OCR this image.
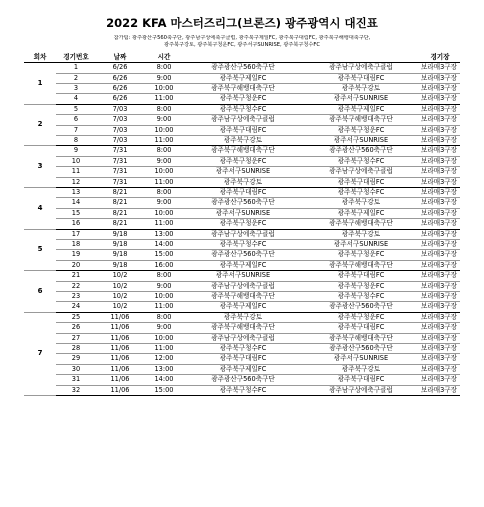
2022 KFA 마스터즈리그(브론즈) 광주광역시 대진표
참가팀: 광주광산구560축구단, 광주남구상에축구클럽, 광주북구제일FC, 광주북구대림FC, 광주북구해뱅대축구단,
광주북구강토, 광주북구청운FC, 광주서구SUNRISE, 광주북구청수FC
회차	경기번호	날짜	시간			경기장
1	1	6/26	8:00	광주광산구560축구단	광주남구상에축구클럽	보라매3구장
	2	6/26	9:00	광주북구제일FC	광주북구대림FC	보라매3구장
	3	6/26	10:00	광주북구해뱅대축구단	광주북구강토	보라매3구장
	4	6/26	11:00	광주북구청운FC	광주서구SUNRISE	보라매3구장
2	5	7/03	8:00	광주북구청수FC	광주북구제일FC	보라매3구장
	6	7/03	9:00	광주남구상에축구클럽	광주북구해뱅대축구단	보라매3구장
	7	7/03	10:00	광주북구대림FC	광주북구청운FC	보라매3구장
	8	7/03	11:00	광주북구강토	광주서구SUNRISE	보라매3구장
3	9	7/31	8:00	광주북구해뱅대축구단	광주광산구560축구단	보라매3구장
	10	7/31	9:00	광주북구청운FC	광주북구청수FC	보라매3구장
	11	7/31	10:00	광주서구SUNRISE	광주남구상에축구클럽	보라매3구장
	12	7/31	11:00	광주북구강토	광주북구대림FC	보라매3구장
4	13	8/21	8:00	광주북구대림FC	광주북구청수FC	보라매3구장
	14	8/21	9:00	광주광산구560축구단	광주북구강토	보라매3구장
	15	8/21	10:00	광주서구SUNRISE	광주북구제일FC	보라매3구장
	16	8/21	11:00	광주북구청운FC	광주북구해뱅대축구단	보라매3구장
5	17	9/18	13:00	광주남구상에축구클럽	광주북구강토	보라매3구장
	18	9/18	14:00	광주북구청수FC	광주서구SUNRISE	보라매3구장
	19	9/18	15:00	광주광산구560축구단	광주북구청운FC	보라매3구장
	20	9/18	16:00	광주북구제일FC	광주북구해뱅대축구단	보라매3구장
6	21	10/2	8:00	광주서구SUNRISE	광주북구대림FC	보라매3구장
	22	10/2	9:00	광주남구상에축구클럽	광주북구청운FC	보라매3구장
	23	10/2	10:00	광주북구해뱅대축구단	광주북구청수FC	보라매3구장
	24	10/2	11:00	광주북구제일FC	광주광산구560축구단	보라매3구장
7	25	11/06	8:00	광주북구강토	광주북구청운FC	보라매3구장
	26	11/06	9:00	광주북구해뱅대축구단	광주북구대림FC	보라매3구장
	27	11/06	10:00	광주남구상에축구클럽	광주북구해뱅대축구단	보라매3구장
	28	11/06	11:00	광주북구청수FC	광주광산구560축구단	보라매3구장
	29	11/06	12:00	광주북구대림FC	광주서구SUNRISE	보라매3구장
	30	11/06	13:00	광주북구제일FC	광주북구강토	보라매3구장
	31	11/06	14:00	광주광산구560축구단	광주북구대림FC	보라매3구장
	32	11/06	15:00	광주북구청수FC	광주남구상에축구클럽	보라매3구장
